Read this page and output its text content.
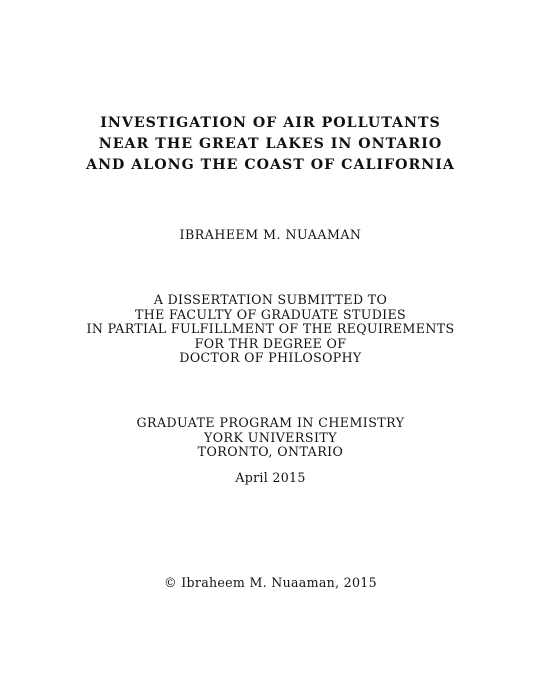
INVESTIGATION OF AIR POLLUTANTS
NEAR THE GREAT LAKES IN ONTARIO
AND ALONG THE COAST OF CALIFORNIA
IBRAHEEM M. NUAAMAN
A DISSERTATION SUBMITTED TO
THE FACULTY OF GRADUATE STUDIES
IN PARTIAL FULFILLMENT OF THE REQUIREMENTS
FOR THR DEGREE OF
DOCTOR OF PHILOSOPHY
GRADUATE PROGRAM IN CHEMISTRY
YORK UNIVERSITY
TORONTO, ONTARIO
April 2015
© Ibraheem M. Nuaaman, 2015
